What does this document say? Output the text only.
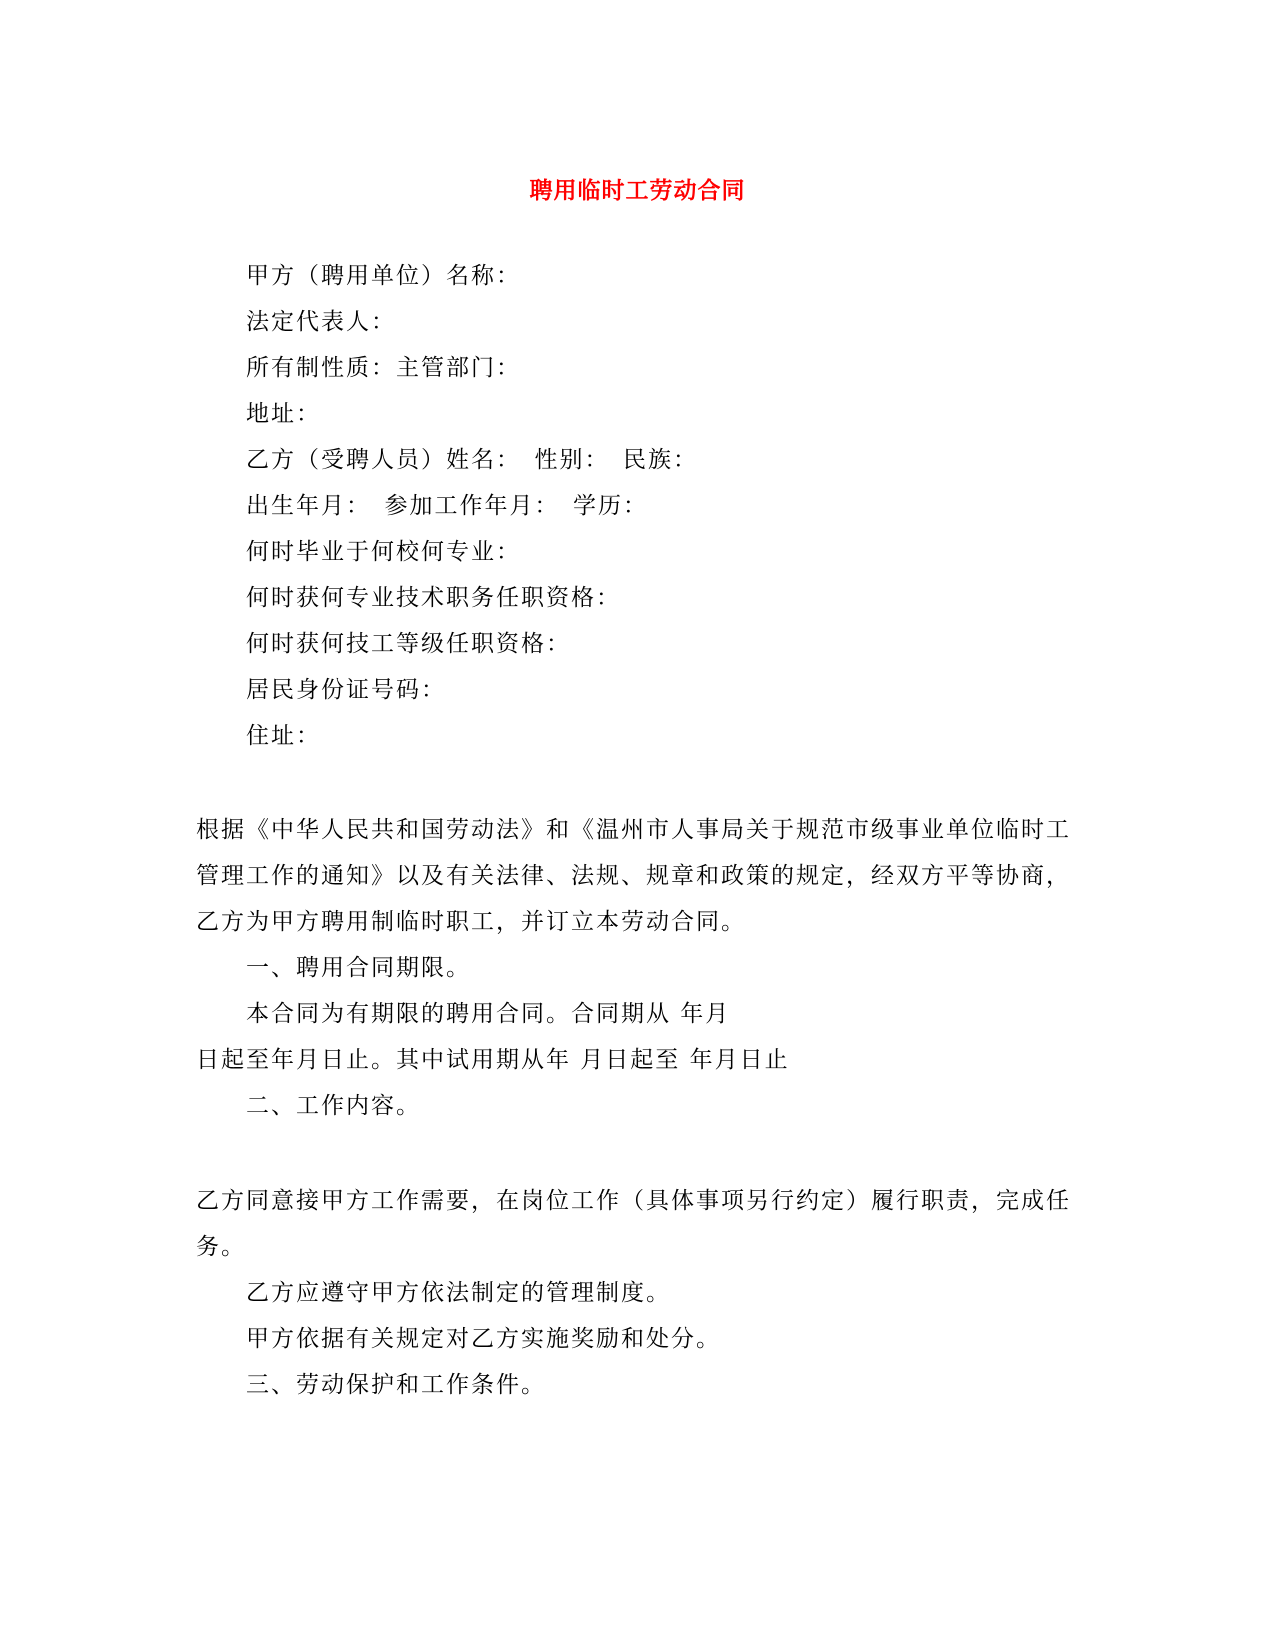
聘用临时工劳动合同
甲方（聘用单位）名称：
法定代表人：
所有制性质：主管部门：
地址：
乙方（受聘人员）姓名：　性别：　民族：
出生年月：　参加工作年月：　学历：
何时毕业于何校何专业：
何时获何专业技术职务任职资格：
何时获何技工等级任职资格：
居民身份证号码：
住址：
根据《中华人民共和国劳动法》和《温州市人事局关于规范市级事业单位临时工
管理工作的通知》以及有关法律、法规、规章和政策的规定，经双方平等协商，
乙方为甲方聘用制临时职工，并订立本劳动合同。
一、聘用合同期限。
本合同为有期限的聘用合同。合同期从 年月
日起至年月日止。其中试用期从年 月日起至 年月日止
二、工作内容。
乙方同意接甲方工作需要，在岗位工作（具体事项另行约定）履行职责，完成任
务。
乙方应遵守甲方依法制定的管理制度。
甲方依据有关规定对乙方实施奖励和处分。
三、劳动保护和工作条件。
